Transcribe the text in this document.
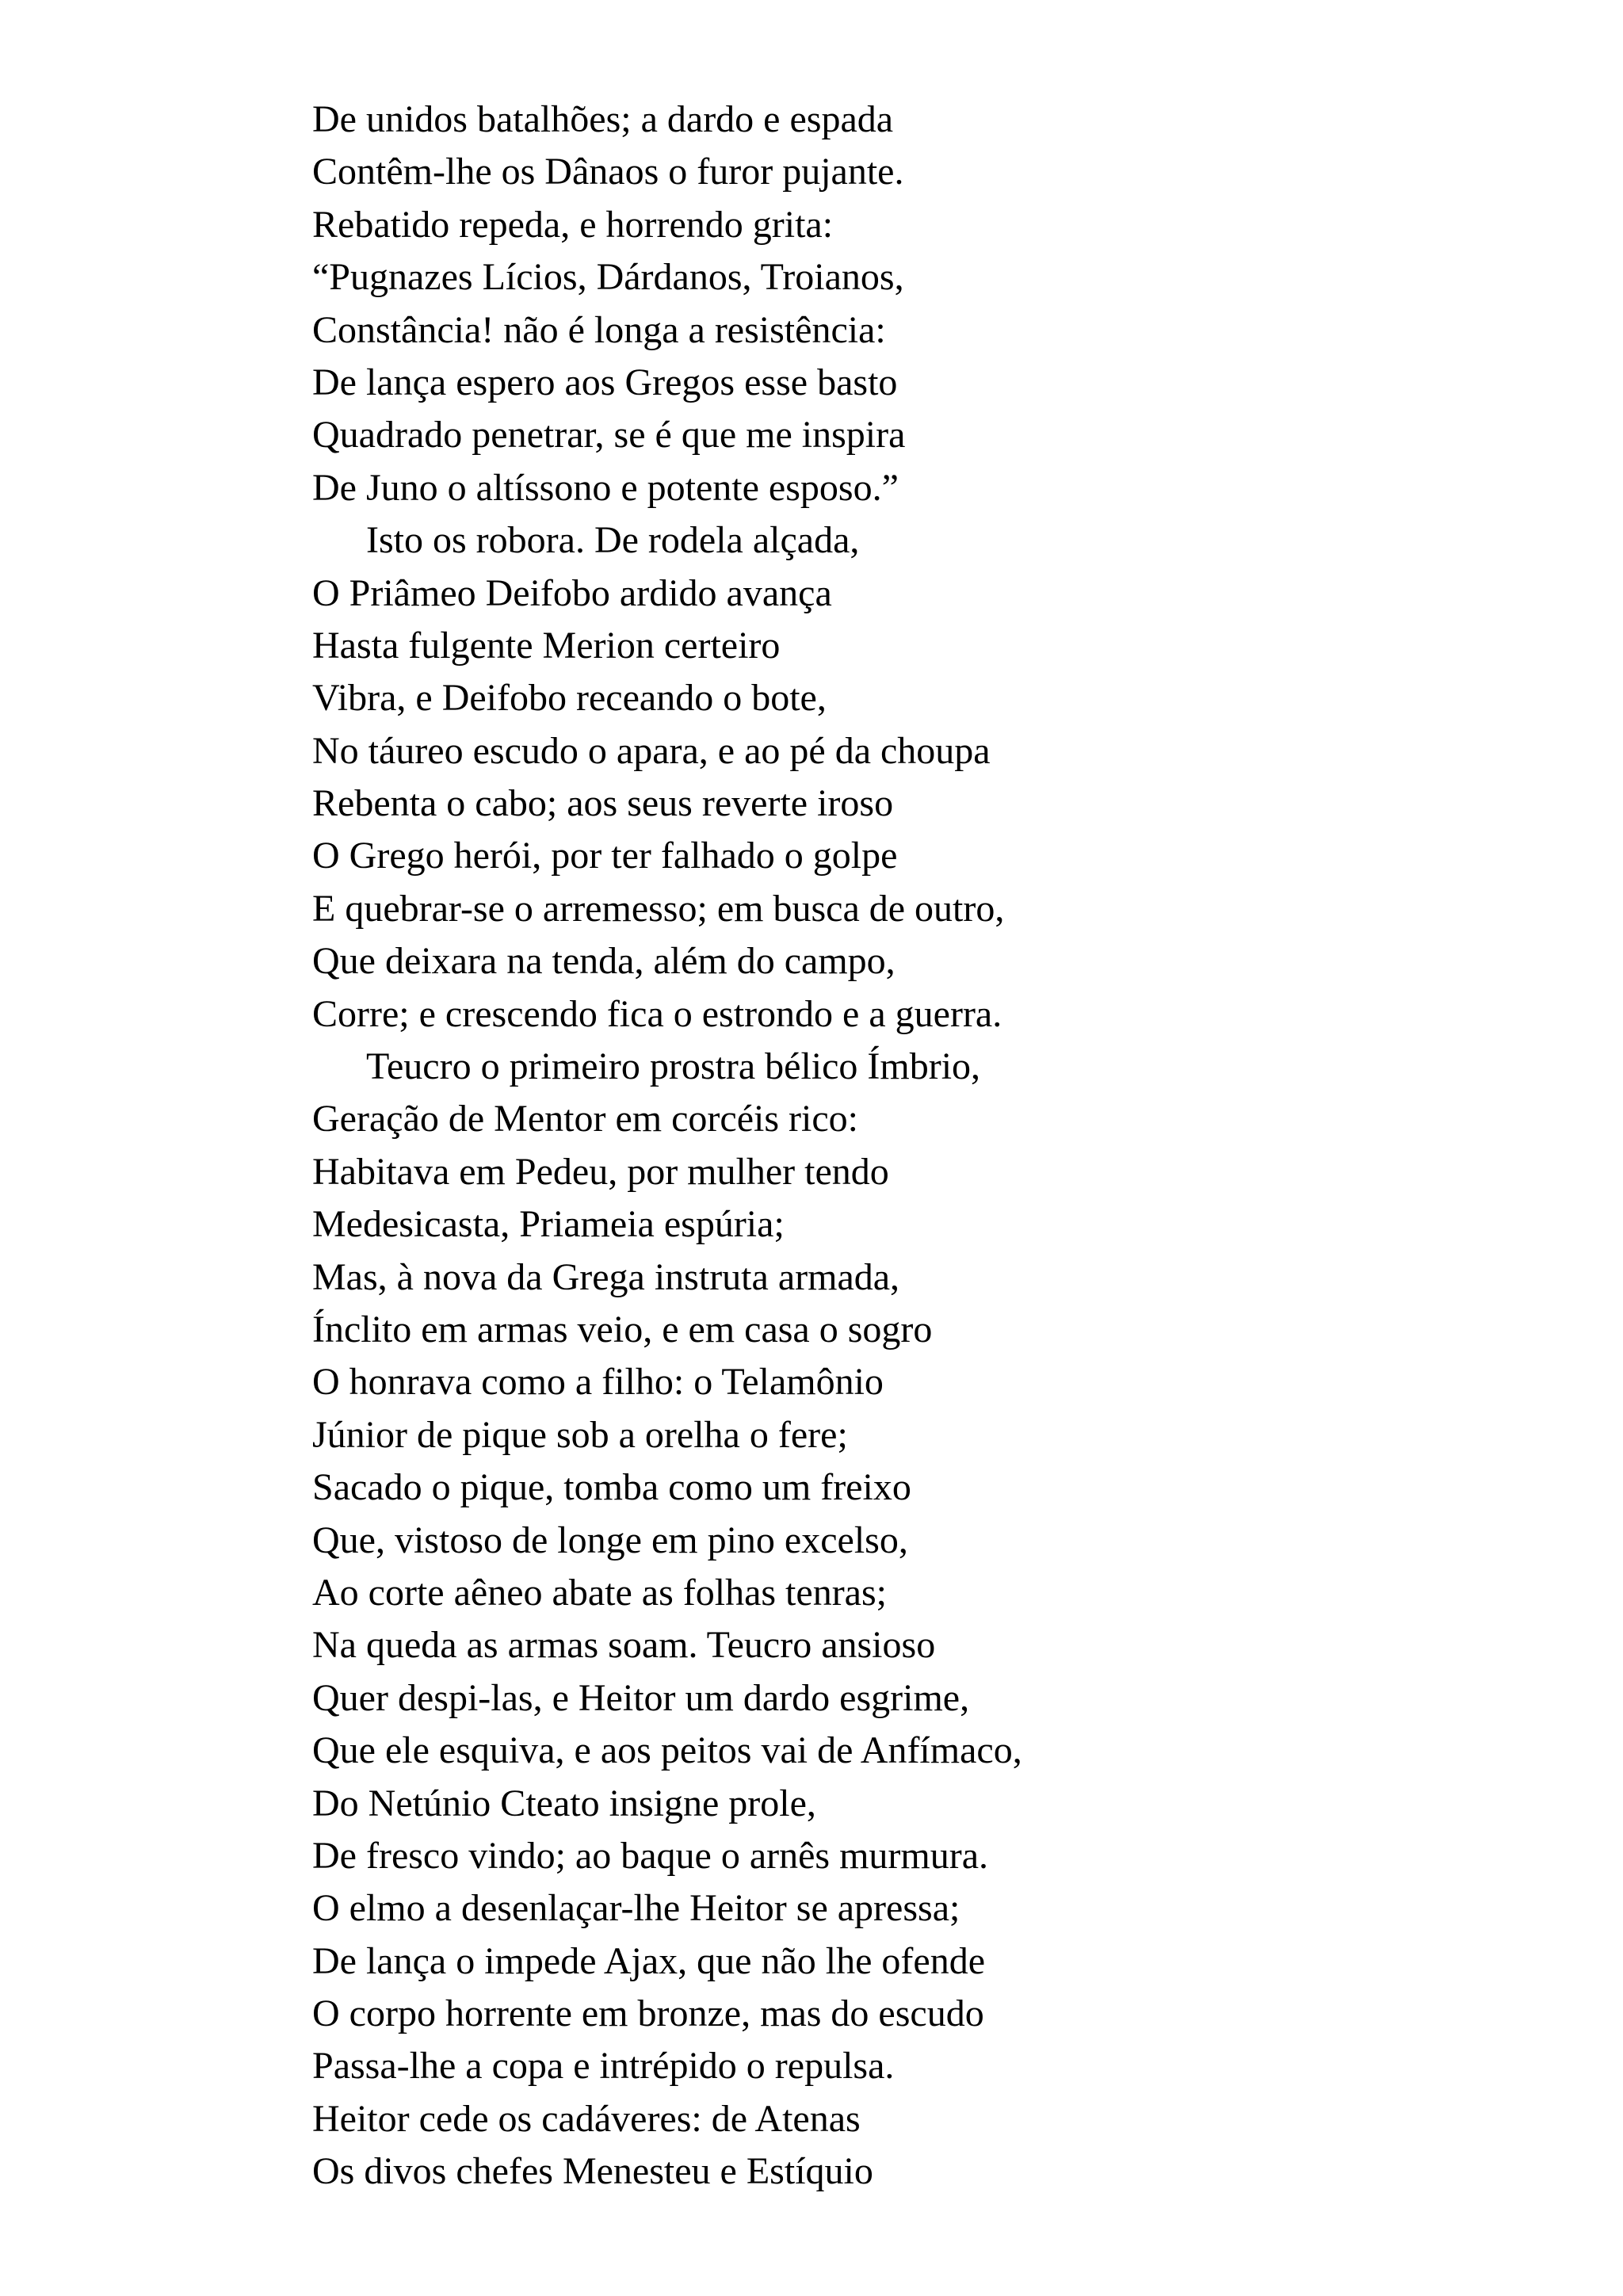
De unidos batalhões; a dardo e espada
Contêm-lhe os Dânaos o furor pujante.
Rebatido repeda, e horrendo grita:
“Pugnazes Lícios, Dárdanos, Troianos,
Constância! não é longa a resistência:
De lança espero aos Gregos esse basto
Quadrado penetrar, se é que me inspira
De Juno o altíssono e potente esposo.”
Isto os robora. De rodela alçada,
O Priâmeo Deifobo ardido avança
Hasta fulgente Merion certeiro
Vibra, e Deifobo receando o bote,
No táureo escudo o apara, e ao pé da choupa
Rebenta o cabo; aos seus reverte iroso
O Grego herói, por ter falhado o golpe
E quebrar-se o arremesso; em busca de outro,
Que deixara na tenda, além do campo,
Corre; e crescendo fica o estrondo e a guerra.
Teucro o primeiro prostra bélico Ímbrio,
Geração de Mentor em corcéis rico:
Habitava em Pedeu, por mulher tendo
Medesicasta, Priameia espúria;
Mas, à nova da Grega instruta armada,
Ínclito em armas veio, e em casa o sogro
O honrava como a filho: o Telamônio
Júnior de pique sob a orelha o fere;
Sacado o pique, tomba como um freixo
Que, vistoso de longe em pino excelso,
Ao corte aêneo abate as folhas tenras;
Na queda as armas soam. Teucro ansioso
Quer despi-las, e Heitor um dardo esgrime,
Que ele esquiva, e aos peitos vai de Anfímaco,
Do Netúnio Cteato insigne prole,
De fresco vindo; ao baque o arnês murmura.
O elmo a desenlaçar-lhe Heitor se apressa;
De lança o impede Ajax, que não lhe ofende
O corpo horrente em bronze, mas do escudo
Passa-lhe a copa e intrépido o repulsa.
Heitor cede os cadáveres: de Atenas
Os divos chefes Menesteu e Estíquio
